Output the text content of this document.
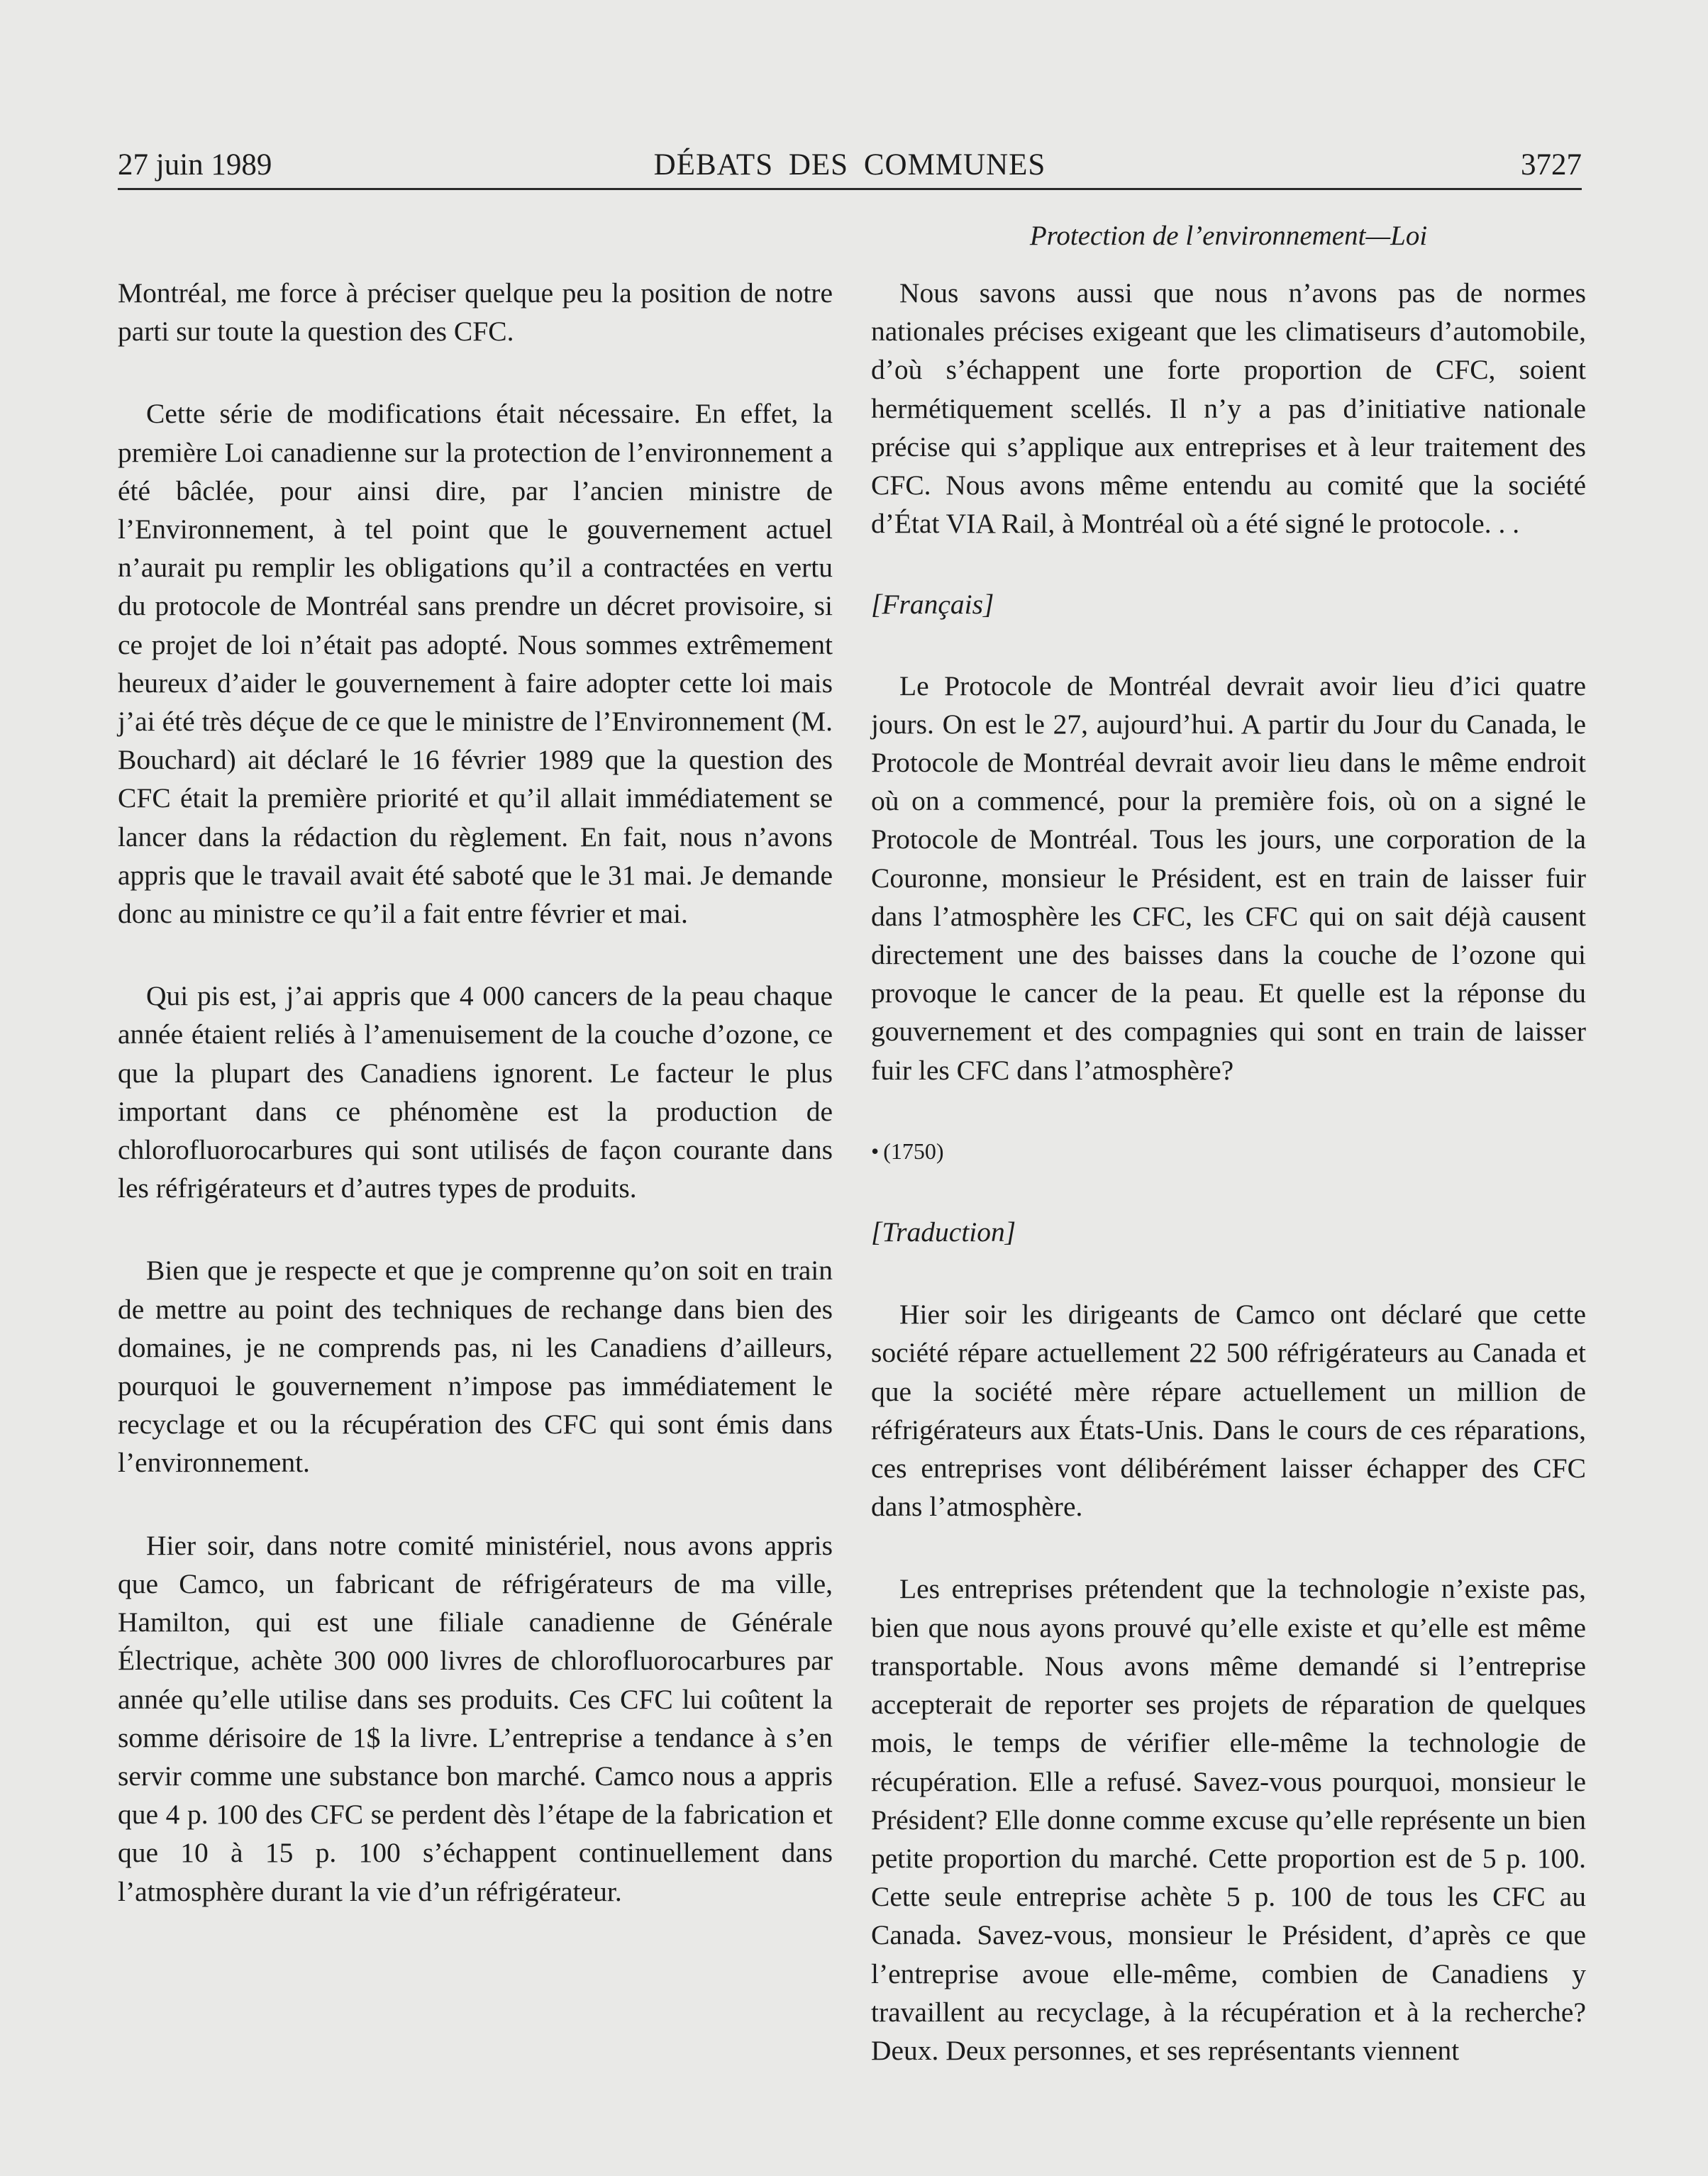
27 juin 1989	DÉBATS DES COMMUNES	3727
Protection de l’environnement—Loi

Montréal, me force à préciser quelque peu la position de notre parti sur toute la question des CFC.

Cette série de modifications était nécessaire. En effet, la première Loi canadienne sur la protection de l’environnement a été bâclée, pour ainsi dire, par l’ancien ministre de l’Environnement, à tel point que le gouvernement actuel n’aurait pu remplir les obligations qu’il a contractées en vertu du protocole de Montréal sans prendre un décret provisoire, si ce projet de loi n’était pas adopté. Nous sommes extrêmement heureux d’aider le gouvernement à faire adopter cette loi mais j’ai été très déçue de ce que le ministre de l’Environnement (M. Bouchard) ait déclaré le 16 février 1989 que la question des CFC était la première priorité et qu’il allait immédiatement se lancer dans la rédaction du règlement. En fait, nous n’avons appris que le travail avait été saboté que le 31 mai. Je demande donc au ministre ce qu’il a fait entre février et mai.

Qui pis est, j’ai appris que 4 000 cancers de la peau chaque année étaient reliés à l’amenuisement de la couche d’ozone, ce que la plupart des Canadiens ignorent. Le facteur le plus important dans ce phénomène est la production de chlorofluorocarbures qui sont utilisés de façon courante dans les réfrigérateurs et d’autres types de produits.

Bien que je respecte et que je comprenne qu’on soit en train de mettre au point des techniques de rechange dans bien des domaines, je ne comprends pas, ni les Canadiens d’ailleurs, pourquoi le gouvernement n’impose pas immédiatement le recyclage et ou la récupération des CFC qui sont émis dans l’environnement.

Hier soir, dans notre comité ministériel, nous avons appris que Camco, un fabricant de réfrigérateurs de ma ville, Hamilton, qui est une filiale canadienne de Générale Électrique, achète 300 000 livres de chlorofluorocarbures par année qu’elle utilise dans ses produits. Ces CFC lui coûtent la somme dérisoire de 1$ la livre. L’entreprise a tendance à s’en servir comme une substance bon marché. Camco nous a appris que 4 p. 100 des CFC se perdent dès l’étape de la fabrication et que 10 à 15 p. 100 s’échappent continuellement dans l’atmosphère durant la vie d’un réfrigérateur.

Nous savons aussi que nous n’avons pas de normes nationales précises exigeant que les climatiseurs d’automobile, d’où s’échappent une forte proportion de CFC, soient hermétiquement scellés. Il n’y a pas d’initiative nationale précise qui s’applique aux entreprises et à leur traitement des CFC. Nous avons même entendu au comité que la société d’État VIA Rail, à Montréal où a été signé le protocole. . .

[Français]

Le Protocole de Montréal devrait avoir lieu d’ici quatre jours. On est le 27, aujourd’hui. A partir du Jour du Canada, le Protocole de Montréal devrait avoir lieu dans le même endroit où on a commencé, pour la première fois, où on a signé le Protocole de Montréal. Tous les jours, une corporation de la Couronne, monsieur le Président, est en train de laisser fuir dans l’atmosphère les CFC, les CFC qui on sait déjà causent directement une des baisses dans la couche de l’ozone qui provoque le cancer de la peau. Et quelle est la réponse du gouvernement et des compagnies qui sont en train de laisser fuir les CFC dans l’atmosphère?

• (1750)

[Traduction]

Hier soir les dirigeants de Camco ont déclaré que cette société répare actuellement 22 500 réfrigérateurs au Canada et que la société mère répare actuellement un million de réfrigérateurs aux États-Unis. Dans le cours de ces réparations, ces entreprises vont délibérément laisser échapper des CFC dans l’atmosphère.

Les entreprises prétendent que la technologie n’existe pas, bien que nous ayons prouvé qu’elle existe et qu’elle est même transportable. Nous avons même demandé si l’entreprise accepterait de reporter ses projets de réparation de quelques mois, le temps de vérifier elle-même la technologie de récupération. Elle a refusé. Savez-vous pourquoi, monsieur le Président? Elle donne comme excuse qu’elle représente un bien petite proportion du marché. Cette proportion est de 5 p. 100. Cette seule entreprise achète 5 p. 100 de tous les CFC au Canada. Savez-vous, monsieur le Président, d’après ce que l’entreprise avoue elle-même, combien de Canadiens y travaillent au recyclage, à la récupération et à la recherche? Deux. Deux personnes, et ses représentants viennent
